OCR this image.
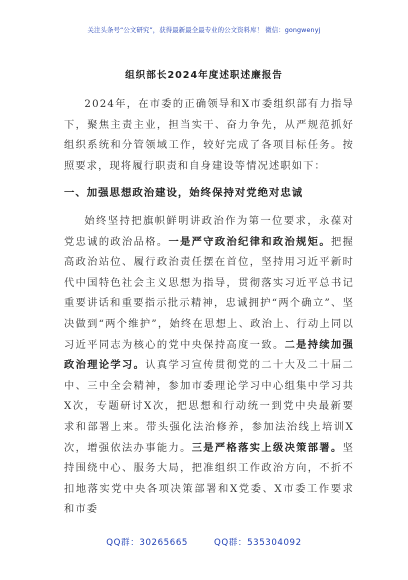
关注头条号“公文研究”，获得最新最全最专业的公文资料库！ 微信：gongwenyj
组织部长2024年度述职述廉报告

2024年，在市委的正确领导和X市委组织部有力指导下，聚焦主责主业，担当实干、奋力争先，从严规范抓好组织系统和分管领域工作，较好完成了各项目标任务。按照要求，现将履行职责和自身建设等情况述职如下：

一、加强思想政治建设，始终保持对党绝对忠诚

始终坚持把旗帜鲜明讲政治作为第一位要求，永葆对党忠诚的政治品格。一是严守政治纪律和政治规矩。把握高政治站位、履行政治责任摆在首位，坚持用习近平新时代中国特色社会主义思想为指导，贯彻落实习近平总书记重要讲话和重要指示批示精神，忠诚拥护“两个确立”、坚决做到“两个维护”，始终在思想上、政治上、行动上同以习近平同志为核心的党中央保持高度一致。二是持续加强政治理论学习。认真学习宣传贯彻党的二十大及二十届二中、三中全会精神，参加市委理论学习中心组集中学习共X次，专题研讨X次，把思想和行动统一到党中央最新要求和部署上来。带头强化法治修养，参加法治线上培训X次，增强依法办事能力。三是严格落实上级决策部署。坚持围绕中心、服务大局，把准组织工作政治方向，不折不扣地落实党中央各项决策部署和X党委、X市委工作要求和市委

QQ群：30265665	QQ群：535304092
